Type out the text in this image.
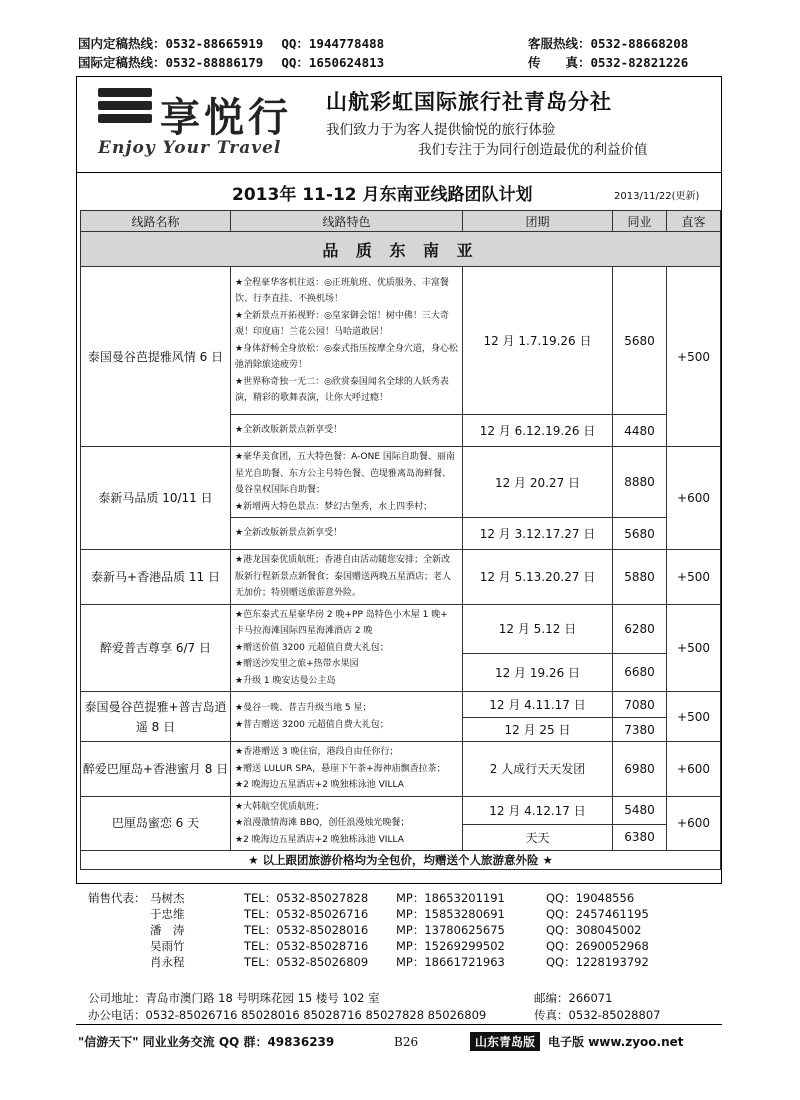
国内定稿热线：0532-88665919 QQ：1944778488	客服热线：0532-88668208
国际定稿热线：0532-88886179 QQ：1650624813	传　　真：0532-82821226
享悦行
Enjoy Your Travel
山航彩虹国际旅行社青岛分社
我们致力于为客人提供愉悦的旅行体验
我们专注于为同行创造最优的利益价值
2013年 11-12 月东南亚线路团队计划	2013/11/22(更新)
线路名称	线路特色	团期	同业	直客
品 质 东 南 亚				
泰国曼谷芭提雅风情 6 日	★全程豪华客机往返：◎正班航班、优质服务、丰富餐饮、行李直挂、不换机场！
★全新景点开拓视野：◎皇家御会馆！树中佛！三大奇观！印度庙！兰花公园！马哈道敢居！
★身体舒畅全身放松：◎泰式指压按摩全身穴道，身心松弛消除旅途疲劳！
★世界称奇独一无二：◎欣赏泰国闻名全球的人妖秀表演，精彩的歌舞表演，让你大呼过瘾！	12 月 1.7.19.26 日	5680	+500
	★全新改版新景点新享受！	12 月 6.12.19.26 日	4480	
泰新马品质 10/11 日	★豪华美食团，五大特色餐：A-ONE 国际自助餐、丽南星光自助餐、东方公主号特色餐、芭堤雅离岛海鲜餐、曼谷皇权国际自助餐；
★新增两大特色景点：梦幻古堡秀，水上四季村；	12 月 20.27 日	8880	+600
	★全新改版新景点新享受！	12 月 3.12.17.27 日	5680	
泰新马+香港品质 11 日	★港龙国泰优质航班；香港自由活动随您安排；全新改版新行程新景点新餐食；泰国赠送两晚五星酒店；老人无加价；特别赠送旅游意外险。	12 月 5.13.20.27 日	5880	+500
醉爱普吉尊享 6/7 日	★芭东泰式五星豪华房 2 晚+PP 岛特色小木屋 1 晚+ 卡马拉海滩国际四星海滩酒店 2 晚
★赠送价值 3200 元超值自费大礼包；
★赠送沙发里之旅+热带水果园
★升级 1 晚安达曼公主岛	12 月 5.12 日	6280	+500
		12 月 19.26 日	6680	
泰国曼谷芭提雅+普吉岛逍遥 8 日	★曼谷一晚、普吉升级当地 5 星；
★普吉赠送 3200 元超值自费大礼包；	12 月 4.11.17 日	7080	+500
		12 月 25 日	7380	
醉爱巴厘岛+香港蜜月 8 日	★香港赠送 3 晚住宿，港段自由任你行；
★赠送 LULUR SPA，悬崖下午茶+海神庙飘香拉茶；
★2 晚海边五星酒店+2 晚独栋泳池 VILLA	2 人成行天天发团	6980	+600
巴厘岛蜜恋 6 天	★大韩航空优质航班；
★浪漫激情海滩 BBQ，创任浪漫烛光晚餐；
★2 晚海边五星酒店+2 晚独栋泳池 VILLA	12 月 4.12.17 日	5480	+600
		天天	6380	
★ 以上跟团旅游价格均为全包价，均赠送个人旅游意外险 ★				
销售代表： 马树杰	TEL：0532-85027828	MP：18653201191	QQ：19048556
于忠维	TEL：0532-85026716	MP：15853280691	QQ：2457461195
潘　涛	TEL：0532-85028016	MP：13780625675	QQ：308045002
吴雨竹	TEL：0532-85028716	MP：15269299502	QQ：2690052968
肖永程	TEL：0532-85026809	MP：18661721963	QQ：1228193792
公司地址：青岛市澳门路 18 号明珠花园 15 楼号 102 室	邮编：266071
办公电话：0532-85026716 85028016 85028716 85027828 85026809	传真：0532-85028807
"信游天下" 同业业务交流 QQ 群：49836239	B26	山东青岛版	电子版 www.zyoo.net
